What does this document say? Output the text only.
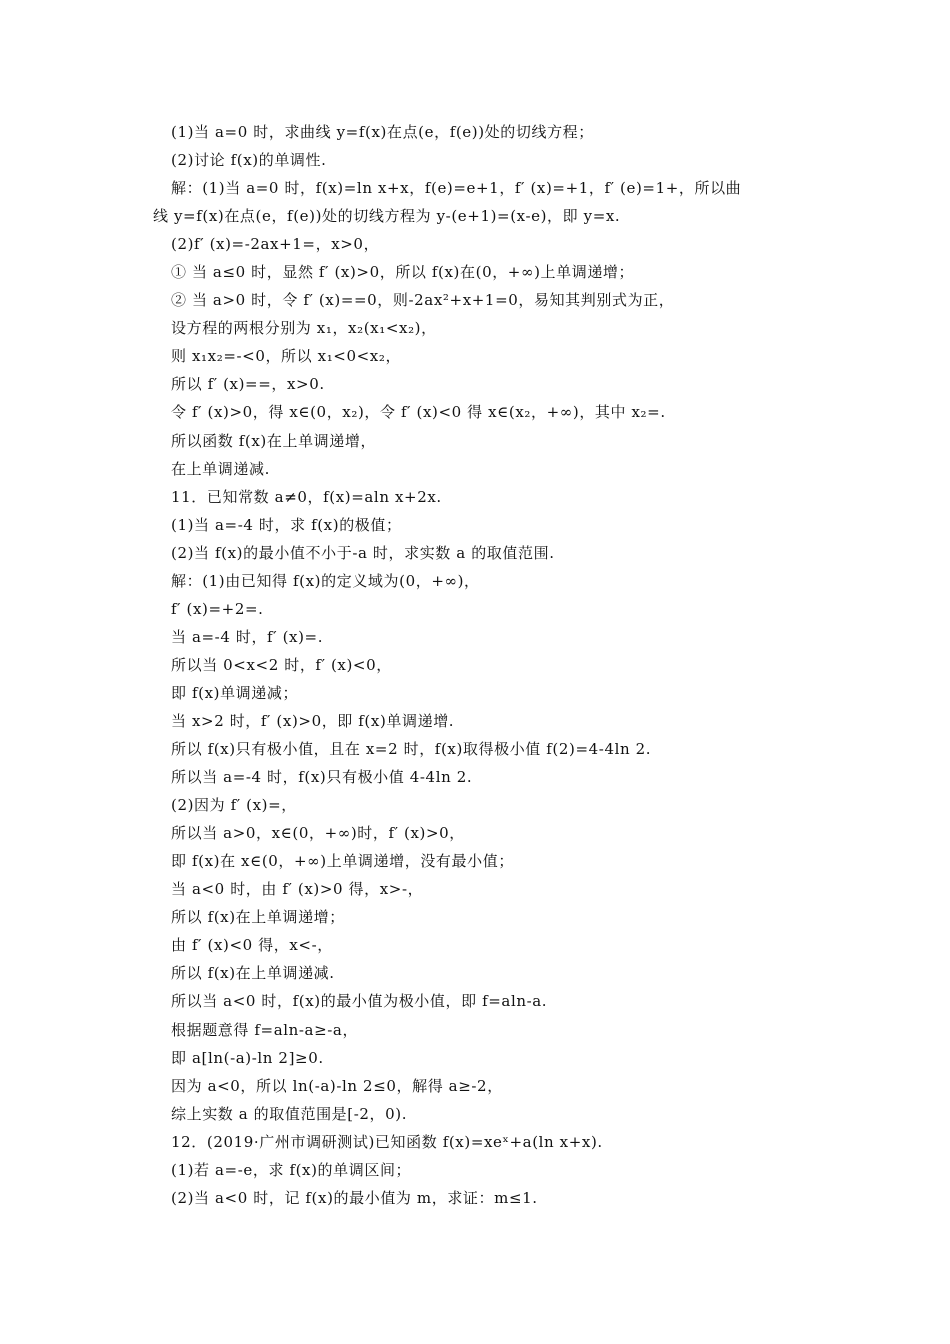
(1)当 a=0 时，求曲线 y=f(x)在点(e，f(e))处的切线方程；
(2)讨论 f(x)的单调性.
解：(1)当 a=0 时，f(x)=ln x+x，f(e)=e+1，f′ (x)=+1，f′ (e)=1+，所以曲
线 y=f(x)在点(e，f(e))处的切线方程为 y-(e+1)=(x-e)，即 y=x.
(2)f′ (x)=-2ax+1=，x>0，
① 当 a≤0 时，显然 f′ (x)>0，所以 f(x)在(0，+∞)上单调递增；
② 当 a>0 时，令 f′ (x)==0，则-2ax²+x+1=0，易知其判别式为正，
设方程的两根分别为 x₁，x₂(x₁<x₂)，
则 x₁x₂=-<0，所以 x₁<0<x₂，
所以 f′ (x)==，x>0.
令 f′ (x)>0，得 x∈(0，x₂)，令 f′ (x)<0 得 x∈(x₂，+∞)，其中 x₂=.
所以函数 f(x)在上单调递增，
在上单调递减.
11．已知常数 a≠0，f(x)=aln x+2x.
(1)当 a=-4 时，求 f(x)的极值；
(2)当 f(x)的最小值不小于-a 时，求实数 a 的取值范围.
解：(1)由已知得 f(x)的定义域为(0，+∞)，
f′ (x)=+2=.
当 a=-4 时，f′ (x)=.
所以当 0<x<2 时，f′ (x)<0，
即 f(x)单调递减；
当 x>2 时，f′ (x)>0，即 f(x)单调递增.
所以 f(x)只有极小值，且在 x=2 时，f(x)取得极小值 f(2)=4-4ln 2.
所以当 a=-4 时，f(x)只有极小值 4-4ln 2.
(2)因为 f′ (x)=，
所以当 a>0，x∈(0，+∞)时，f′ (x)>0，
即 f(x)在 x∈(0，+∞)上单调递增，没有最小值；
当 a<0 时，由 f′ (x)>0 得，x>-，
所以 f(x)在上单调递增；
由 f′ (x)<0 得，x<-，
所以 f(x)在上单调递减.
所以当 a<0 时，f(x)的最小值为极小值，即 f=aln-a.
根据题意得 f=aln-a≥-a，
即 a[ln(-a)-ln 2]≥0.
因为 a<0，所以 ln(-a)-ln 2≤0，解得 a≥-2，
综上实数 a 的取值范围是[-2，0).
12．(2019·广州市调研测试)已知函数 f(x)=xeˣ+a(ln x+x).
(1)若 a=-e，求 f(x)的单调区间；
(2)当 a<0 时，记 f(x)的最小值为 m，求证：m≤1.
